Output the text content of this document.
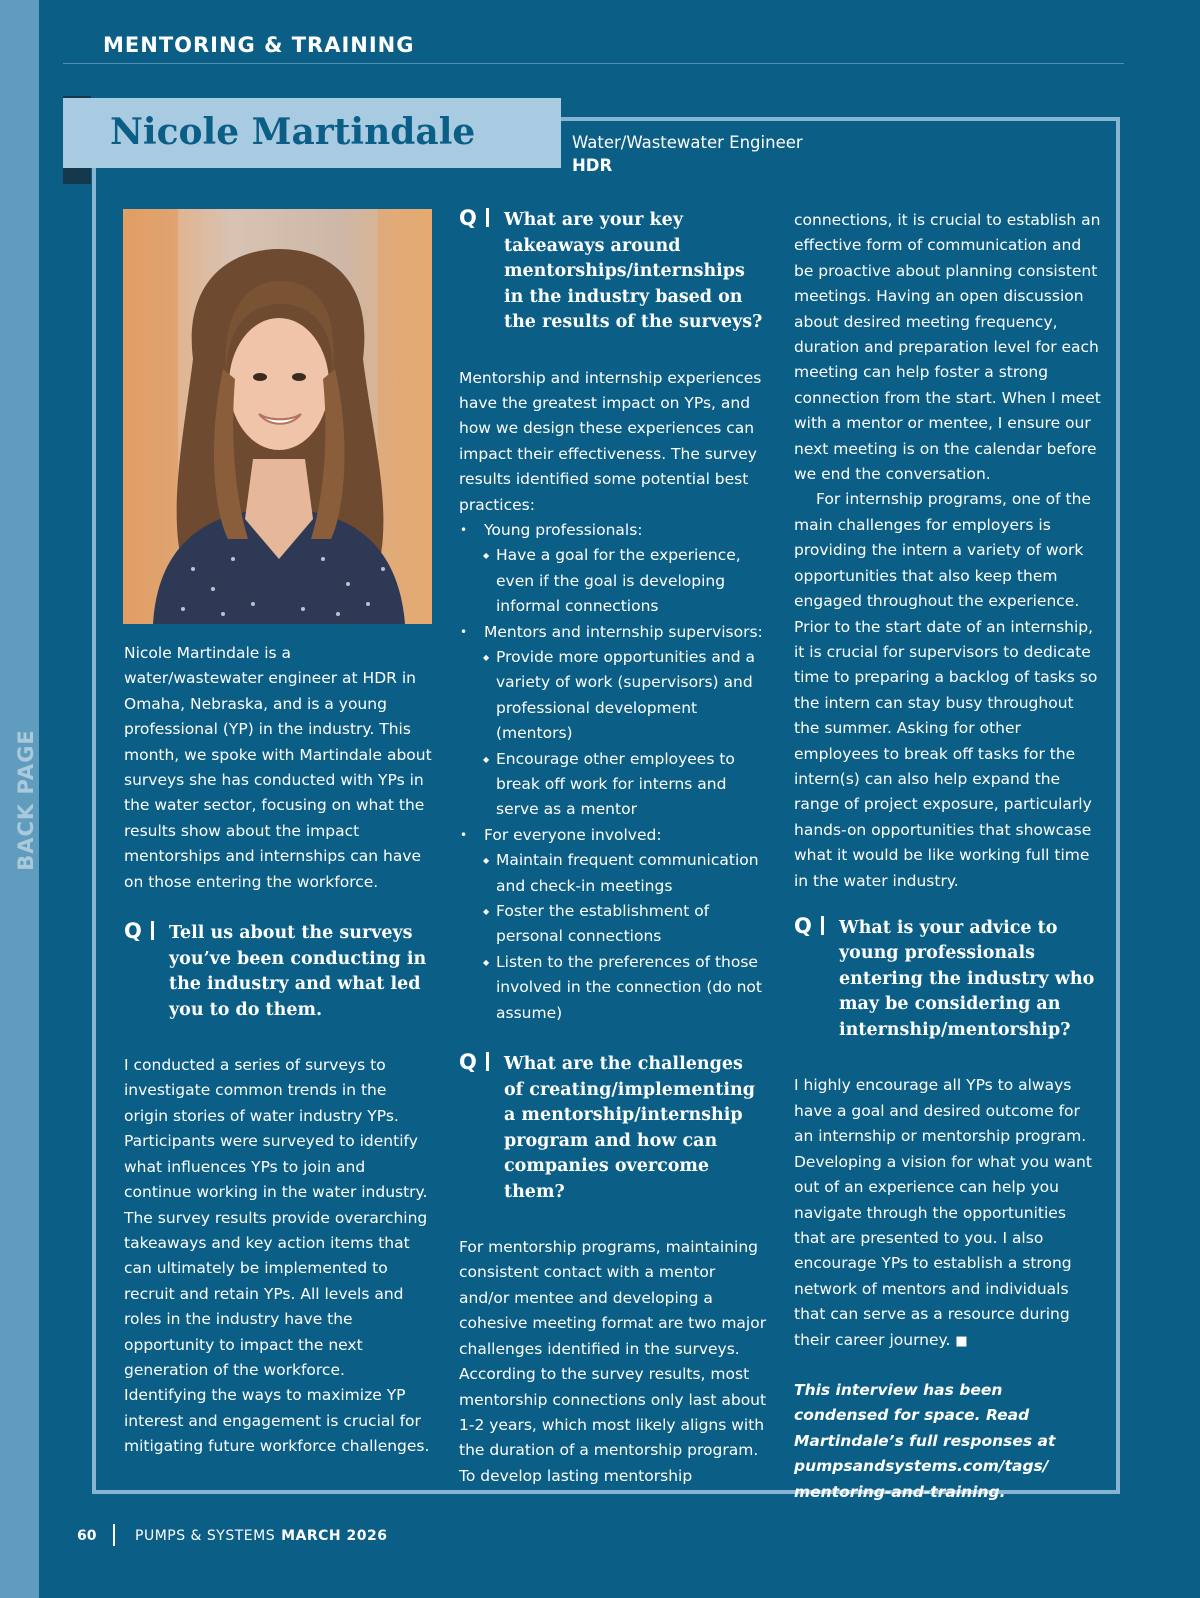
BACK PAGE
MENTORING & TRAINING
Nicole Martindale	Water/Wastewater Engineer
HDR

Nicole Martindale is a water/wastewater engineer at HDR in Omaha, Nebraska, and is a young professional (YP) in the industry. This month, we spoke with Martindale about surveys she has conducted with YPs in the water sector, focusing on what the results show about the impact mentorships and internships can have on those entering the workforce.

Q	Tell us about the surveys you’ve been conducting in the industry and what led you to do them.

I conducted a series of surveys to investigate common trends in the origin stories of water industry YPs. Participants were surveyed to identify what influences YPs to join and continue working in the water industry. The survey results provide overarching takeaways and key action items that can ultimately be implemented to recruit and retain YPs. All levels and roles in the industry have the opportunity to impact the next generation of the workforce. Identifying the ways to maximize YP interest and engagement is crucial for mitigating future workforce challenges.

Q	What are your key takeaways around mentorships/internships in the industry based on the results of the surveys?

Mentorship and internship experiences have the greatest impact on YPs, and how we design these experiences can impact their effectiveness. The survey results identified some potential best practices:

• Young professionals:
◆ Have a goal for the experience, even if the goal is developing informal connections
• Mentors and internship supervisors:
◆ Provide more opportunities and a variety of work (supervisors) and professional development (mentors)
◆ Encourage other employees to break off work for interns and serve as a mentor
• For everyone involved:
◆ Maintain frequent communication and check-in meetings
◆ Foster the establishment of personal connections
◆ Listen to the preferences of those involved in the connection (do not assume)
Q	What are the challenges of creating/implementing a mentorship/internship program and how can companies overcome them?

For mentorship programs, maintaining consistent contact with a mentor and/or mentee and developing a cohesive meeting format are two major challenges identified in the surveys. According to the survey results, most mentorship connections only last about 1-2 years, which most likely aligns with the duration of a mentorship program. To develop lasting mentorship

connections, it is crucial to establish an effective form of communication and be proactive about planning consistent meetings. Having an open discussion about desired meeting frequency, duration and preparation level for each meeting can help foster a strong connection from the start. When I meet with a mentor or mentee, I ensure our next meeting is on the calendar before we end the conversation.

For internship programs, one of the main challenges for employers is providing the intern a variety of work opportunities that also keep them engaged throughout the experience. Prior to the start date of an internship, it is crucial for supervisors to dedicate time to preparing a backlog of tasks so the intern can stay busy throughout the summer. Asking for other employees to break off tasks for the intern(s) can also help expand the range of project exposure, particularly hands-on opportunities that showcase what it would be like working full time in the water industry.

Q	What is your advice to young professionals entering the industry who may be considering an internship/mentorship?

I highly encourage all YPs to always have a goal and desired outcome for an internship or mentorship program. Developing a vision for what you want out of an experience can help you navigate through the opportunities that are presented to you. I also encourage YPs to establish a strong network of mentors and individuals that can serve as a resource during their career journey. ■

This interview has been condensed for space. Read Martindale’s full responses at pumpsandsystems.com/tags/ mentoring-and-training.

60	PUMPS & SYSTEMS MARCH 2026
